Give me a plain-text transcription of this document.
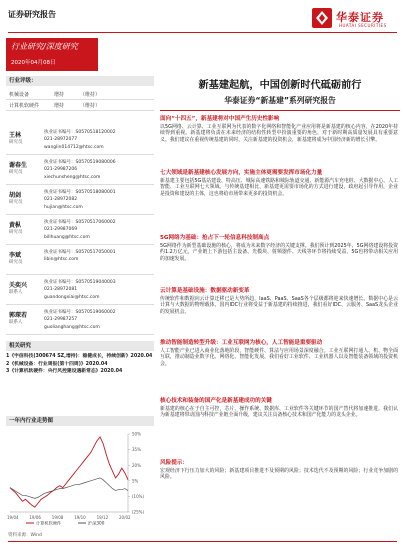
证券研究报告	华泰证券
HUATAI SECURITIES
行业研究/深度研究
2020年04月08日
行业评级：
机械设备	增持	（维持）
计算机软硬件	增持	（维持）
王林
研究员
执业证书编号：S0570518120002
021-28972077
wanglin014712@htsc.com
谢春生
研究员
执业证书编号：S0570519080006
021-29987206
xiechunsheng@htsc.com
胡剑
研究员
执业证书编号：S0570518080001
021-28972082
hujian@htsc.com
黄枞
研究员
执业证书编号：S0570517060002
021-29987069
billhuang@htsc.com
李斌
研究员
执业证书编号：S0570517050001
libin@htsc.com
关奕兴
联系人
执业证书编号：S0570519040003
021-28972081
guandongxiai@htsc.com
郭琛若
联系人
执业证书编号：S0570519060002
021-29987257
guolianghang@htsc.com
相关研究
1《宇信科技(300674 SZ,增持)：稳健成长，持续创新》2020.04
2《机械设备：行业周报(第十四周)》2020.04
3《计算机软硬件：央行风控建设遇新常态》2020.04
一年内行业走势图
50%
35%
20%
5%
(10%)
(25%)
19/04	19/06	19/08	19/10	19/12	20/02
计算机软硬件	沪深300
资料来源：Wind
新基建起航，中国创新时代砥砺前行
华泰证券“新基建”系列研究报告
面向“十四五”，新基建将对中国产生历史性影响
以5G网络、云计算、工业互联网为代表的数字化网络和智能化产业应用将是新基建的核心内容，在2020年持续得到重视。新基建将负责在未来经济的结构性转型中扮演重要的角色，对于新时期高质量发展具有重要意义。我们建议在重视传统基建的同时，关注新基建的投资机会，新基建将成为中国经济新的增长引擎。
七大领域是新基建核心发展方向，实施主体更需要发挥市场化力量
新基建主要包括5G基站建设、特高压、城际高速铁路和城际轨道交通、新能源汽车充电桩、大数据中心、人工智能、工业互联网七大领域。与传统基建相比，新基建更需要市场化的方式进行建设，政府起引导作用，企业是投资和建设的主体，这也将给市场带来更多的投资机会。
5G网络为基础：抢占下一轮信息科技制高点
5G网络作为新型基础设施的核心，将成为未来数字经济的关键支撑。我们预计到2025年，5G网络建设将投资约1.2万亿元，产业链上下游包括主设备、光模块、射频器件、天线等环节将持续受益，5G也将带动相关应用的加速发展。
云计算是基础设施：数据驱动新变革
传统软件和数据向云计算迁移已是大势所趋，IaaS、PaaS、SaaS各个层级都将迎来快速增长。数据中心是云计算与大数据的物理载体，国内IDC行业将受益于新基建的持续推进，我们看好IDC、云服务、SaaS龙头企业的发展机会。
推动智能制造转型升级：工业互联网为核心，人工智能是重要驱动
人工智能产业已进入商业化落地阶段，智能硬件、算法与应用场景深度融合。工业互联网打通人、机、物全面互联，推动制造业数字化、网络化、智能化发展，我们看好工业软件、工业机器人以及智能装备领域的投资机会。
核心技术和装备的国产化是新基建成功的关键
新基建的核心在于自主可控，芯片、操作系统、数据库、工业软件等关键环节的国产替代将加速推进。我们认为新基建将带动国内科技产业链全面升级，建议关注具备核心技术和国产化能力的龙头企业。
风险提示：
宏观经济下行压力加大的风险；新基建项目推进不及预期的风险；技术迭代不及预期的风险；行业竞争加剧的风险。
